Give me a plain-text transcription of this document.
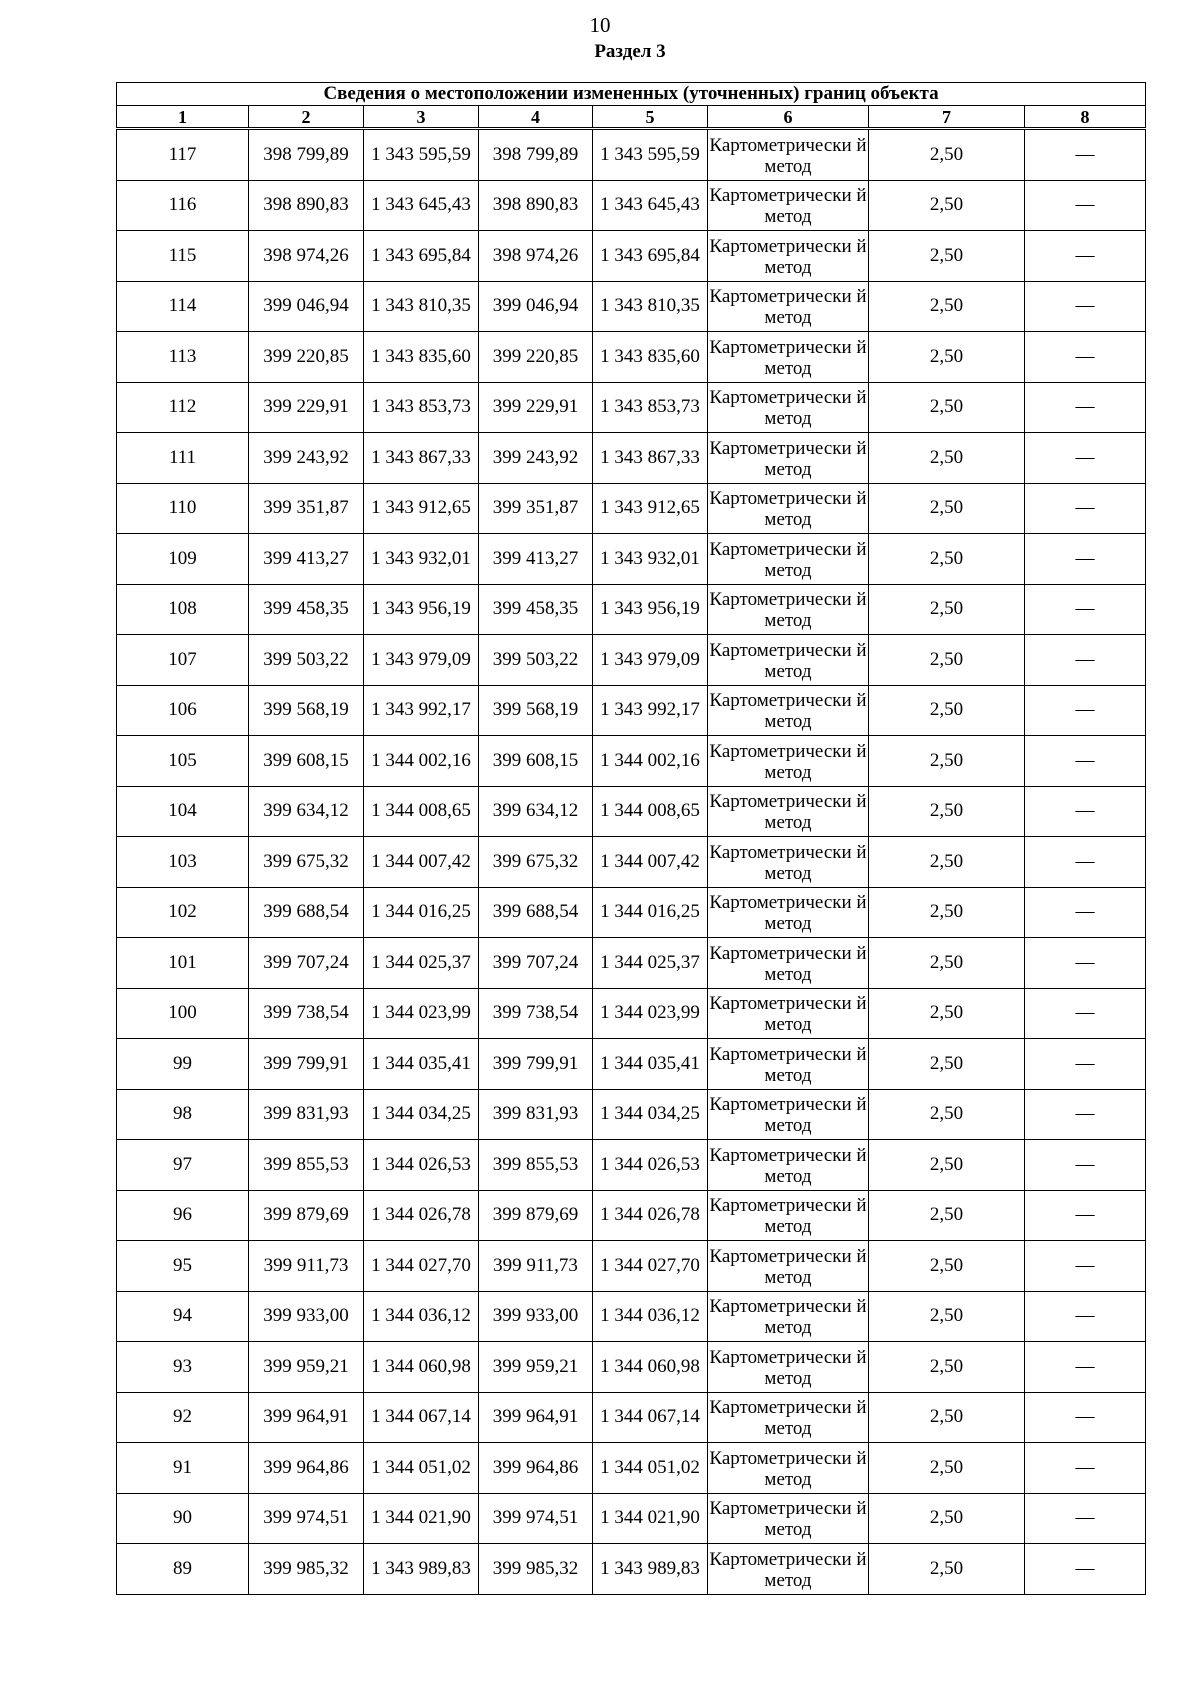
10
Раздел 3
Сведения о местоположении измененных (уточненных) границ объекта							
1	2	3	4	5	6	7	8
117	398 799,89	1 343 595,59	398 799,89	1 343 595,59	Картометрически й метод	2,50	—
116	398 890,83	1 343 645,43	398 890,83	1 343 645,43	Картометрически й метод	2,50	—
115	398 974,26	1 343 695,84	398 974,26	1 343 695,84	Картометрически й метод	2,50	—
114	399 046,94	1 343 810,35	399 046,94	1 343 810,35	Картометрически й метод	2,50	—
113	399 220,85	1 343 835,60	399 220,85	1 343 835,60	Картометрически й метод	2,50	—
112	399 229,91	1 343 853,73	399 229,91	1 343 853,73	Картометрически й метод	2,50	—
111	399 243,92	1 343 867,33	399 243,92	1 343 867,33	Картометрически й метод	2,50	—
110	399 351,87	1 343 912,65	399 351,87	1 343 912,65	Картометрически й метод	2,50	—
109	399 413,27	1 343 932,01	399 413,27	1 343 932,01	Картометрически й метод	2,50	—
108	399 458,35	1 343 956,19	399 458,35	1 343 956,19	Картометрически й метод	2,50	—
107	399 503,22	1 343 979,09	399 503,22	1 343 979,09	Картометрически й метод	2,50	—
106	399 568,19	1 343 992,17	399 568,19	1 343 992,17	Картометрически й метод	2,50	—
105	399 608,15	1 344 002,16	399 608,15	1 344 002,16	Картометрически й метод	2,50	—
104	399 634,12	1 344 008,65	399 634,12	1 344 008,65	Картометрически й метод	2,50	—
103	399 675,32	1 344 007,42	399 675,32	1 344 007,42	Картометрически й метод	2,50	—
102	399 688,54	1 344 016,25	399 688,54	1 344 016,25	Картометрически й метод	2,50	—
101	399 707,24	1 344 025,37	399 707,24	1 344 025,37	Картометрически й метод	2,50	—
100	399 738,54	1 344 023,99	399 738,54	1 344 023,99	Картометрически й метод	2,50	—
99	399 799,91	1 344 035,41	399 799,91	1 344 035,41	Картометрически й метод	2,50	—
98	399 831,93	1 344 034,25	399 831,93	1 344 034,25	Картометрически й метод	2,50	—
97	399 855,53	1 344 026,53	399 855,53	1 344 026,53	Картометрически й метод	2,50	—
96	399 879,69	1 344 026,78	399 879,69	1 344 026,78	Картометрически й метод	2,50	—
95	399 911,73	1 344 027,70	399 911,73	1 344 027,70	Картометрически й метод	2,50	—
94	399 933,00	1 344 036,12	399 933,00	1 344 036,12	Картометрически й метод	2,50	—
93	399 959,21	1 344 060,98	399 959,21	1 344 060,98	Картометрически й метод	2,50	—
92	399 964,91	1 344 067,14	399 964,91	1 344 067,14	Картометрически й метод	2,50	—
91	399 964,86	1 344 051,02	399 964,86	1 344 051,02	Картометрически й метод	2,50	—
90	399 974,51	1 344 021,90	399 974,51	1 344 021,90	Картометрически й метод	2,50	—
89	399 985,32	1 343 989,83	399 985,32	1 343 989,83	Картометрически й метод	2,50	—
